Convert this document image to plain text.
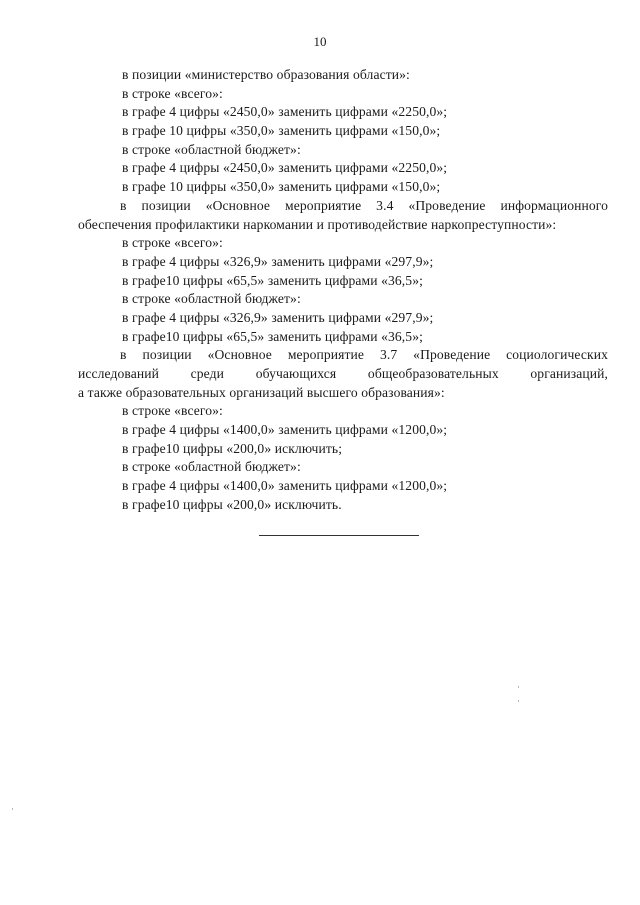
10
в позиции «министерство образования области»:
в строке «всего»:
в графе 4 цифры «2450,0» заменить цифрами «2250,0»;
в графе 10 цифры «350,0» заменить цифрами «150,0»;
в строке «областной бюджет»:
в графе 4 цифры «2450,0» заменить цифрами «2250,0»;
в графе 10 цифры «350,0» заменить цифрами «150,0»;
в позиции «Основное мероприятие 3.4 «Проведение информационного
обеспечения профилактики наркомании и противодействие наркопреступности»:
в строке «всего»:
в графе 4 цифры «326,9» заменить цифрами «297,9»;
в графе10 цифры «65,5» заменить цифрами «36,5»;
в строке «областной бюджет»:
в графе 4 цифры «326,9» заменить цифрами «297,9»;
в графе10 цифры «65,5» заменить цифрами «36,5»;
в позиции «Основное мероприятие 3.7 «Проведение социологических
исследований среди обучающихся общеобразовательных организаций,
а также образовательных организаций высшего образования»:
в строке «всего»:
в графе 4 цифры «1400,0» заменить цифрами «1200,0»;
в графе10 цифры «200,0» исключить;
в строке «областной бюджет»:
в графе 4 цифры «1400,0» заменить цифрами «1200,0»;
в графе10 цифры «200,0» исключить.
